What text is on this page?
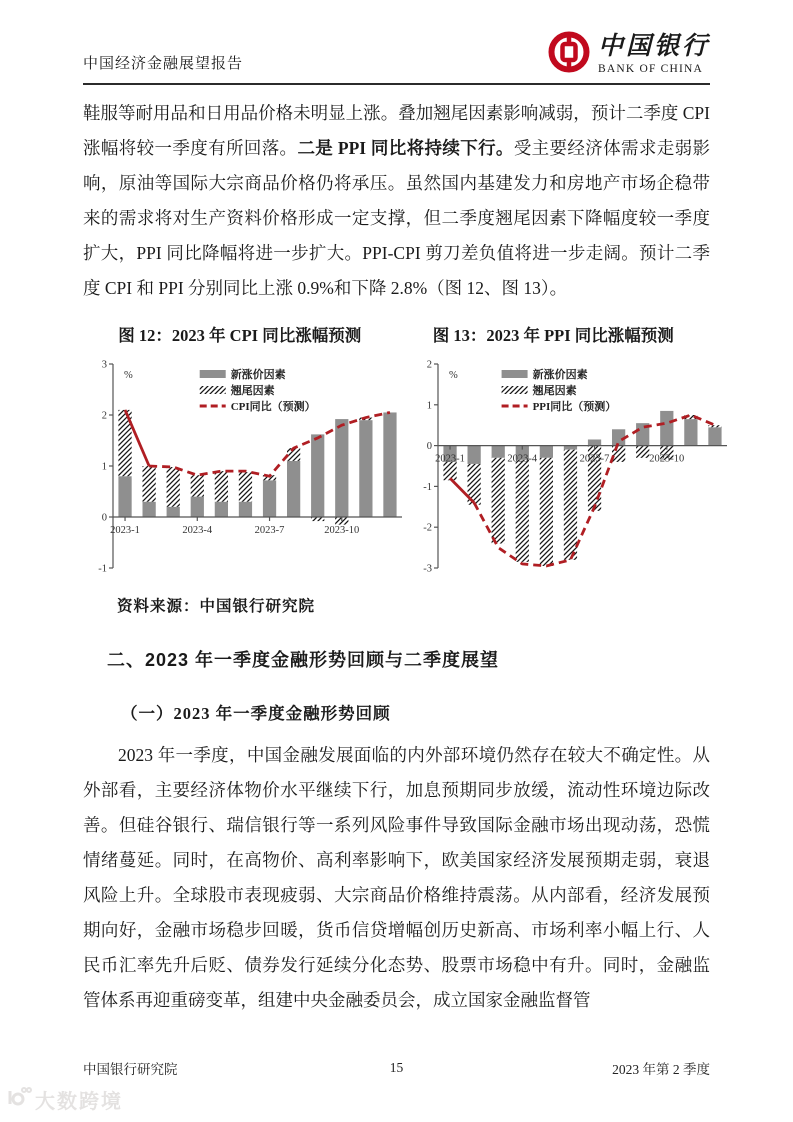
中国经济金融展望报告
中国银行
BANK OF CHINA

鞋服等耐用品和日用品价格未明显上涨。叠加翘尾因素影响减弱，预计二季度 CPI 涨幅将较一季度有所回落。二是 PPI 同比将持续下行。受主要经济体需求走弱影响，原油等国际大宗商品价格仍将承压。虽然国内基建发力和房地产市场企稳带来的需求将对生产资料价格形成一定支撑，但二季度翘尾因素下降幅度较一季度扩大，PPI 同比降幅将进一步扩大。PPI-CPI 剪刀差负值将进一步走阔。预计二季度 CPI 和 PPI 分别同比上涨 0.9%和下降 2.8%（图 12、图 13）。

图 12：2023 年 CPI 同比涨幅预测	图 13：2023 年 PPI 同比涨幅预测
3
2
1
0
-1
2023-1	2023-4	2023-7	2023-10
%	新涨价因素
翘尾因素
CPI同比（预测）
2
1
0
-1
-2
-3
2023-1	2023-4	2023-7	2023-10
%	新涨价因素
翘尾因素
PPI同比（预测）
资料来源：中国银行研究院
二、2023 年一季度金融形势回顾与二季度展望
（一）2023 年一季度金融形势回顾

2023 年一季度，中国金融发展面临的内外部环境仍然存在较大不确定性。从外部看，主要经济体物价水平继续下行，加息预期同步放缓，流动性环境边际改善。但硅谷银行、瑞信银行等一系列风险事件导致国际金融市场出现动荡，恐慌情绪蔓延。同时，在高物价、高利率影响下，欧美国家经济发展预期走弱，衰退风险上升。全球股市表现疲弱、大宗商品价格维持震荡。从内部看，经济发展预期向好，金融市场稳步回暖，货币信贷增幅创历史新高、市场利率小幅上行、人民币汇率先升后贬、债券发行延续分化态势、股票市场稳中有升。同时，金融监管体系再迎重磅变革，组建中央金融委员会，成立国家金融监督管

中国银行研究院	15	2023 年第 2 季度
大数跨境
